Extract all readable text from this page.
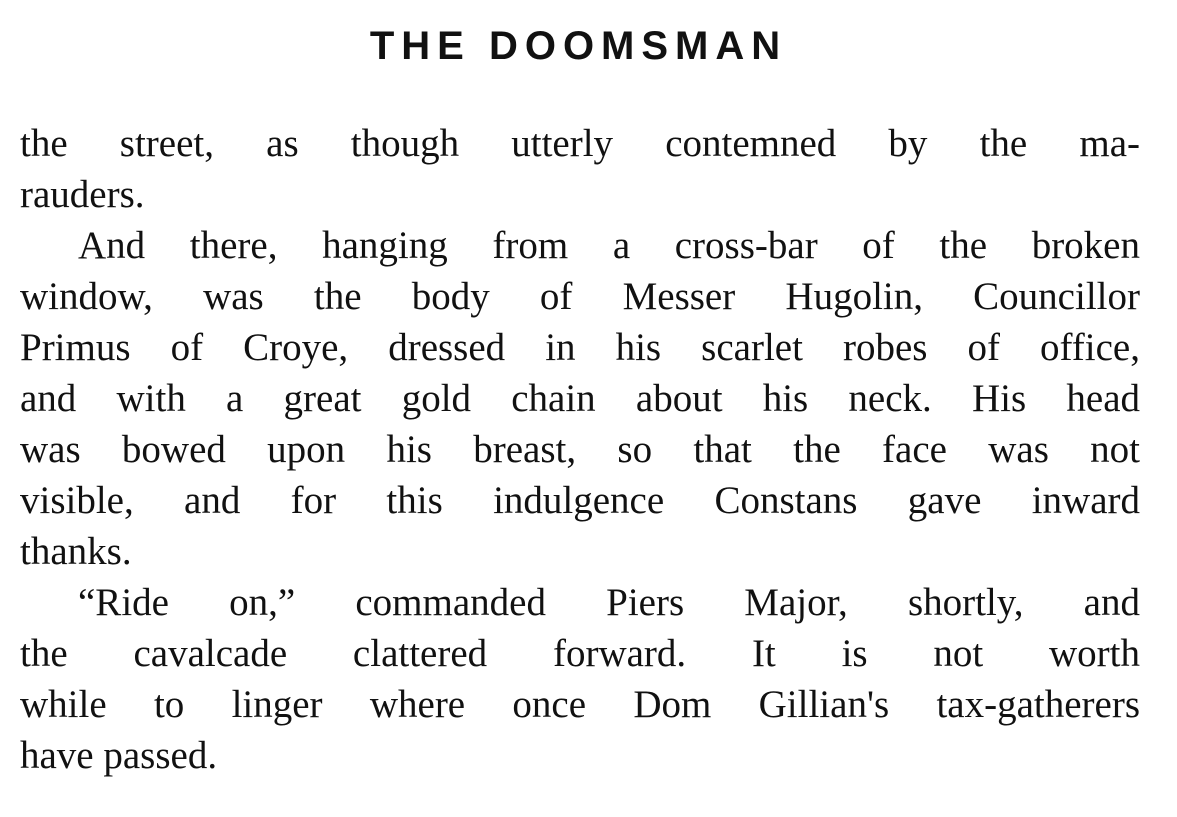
THE DOOMSMAN

the street, as though utterly contemned by the ma-

rauders.

And there, hanging from a cross-bar of the broken

window, was the body of Messer Hugolin, Councillor

Primus of Croye, dressed in his scarlet robes of office,

and with a great gold chain about his neck. His head

was bowed upon his breast, so that the face was not

visible, and for this indulgence Constans gave inward

thanks.

“Ride on,” commanded Piers Major, shortly, and

the cavalcade clattered forward. It is not worth

while to linger where once Dom Gillian's tax-gatherers

have passed.
